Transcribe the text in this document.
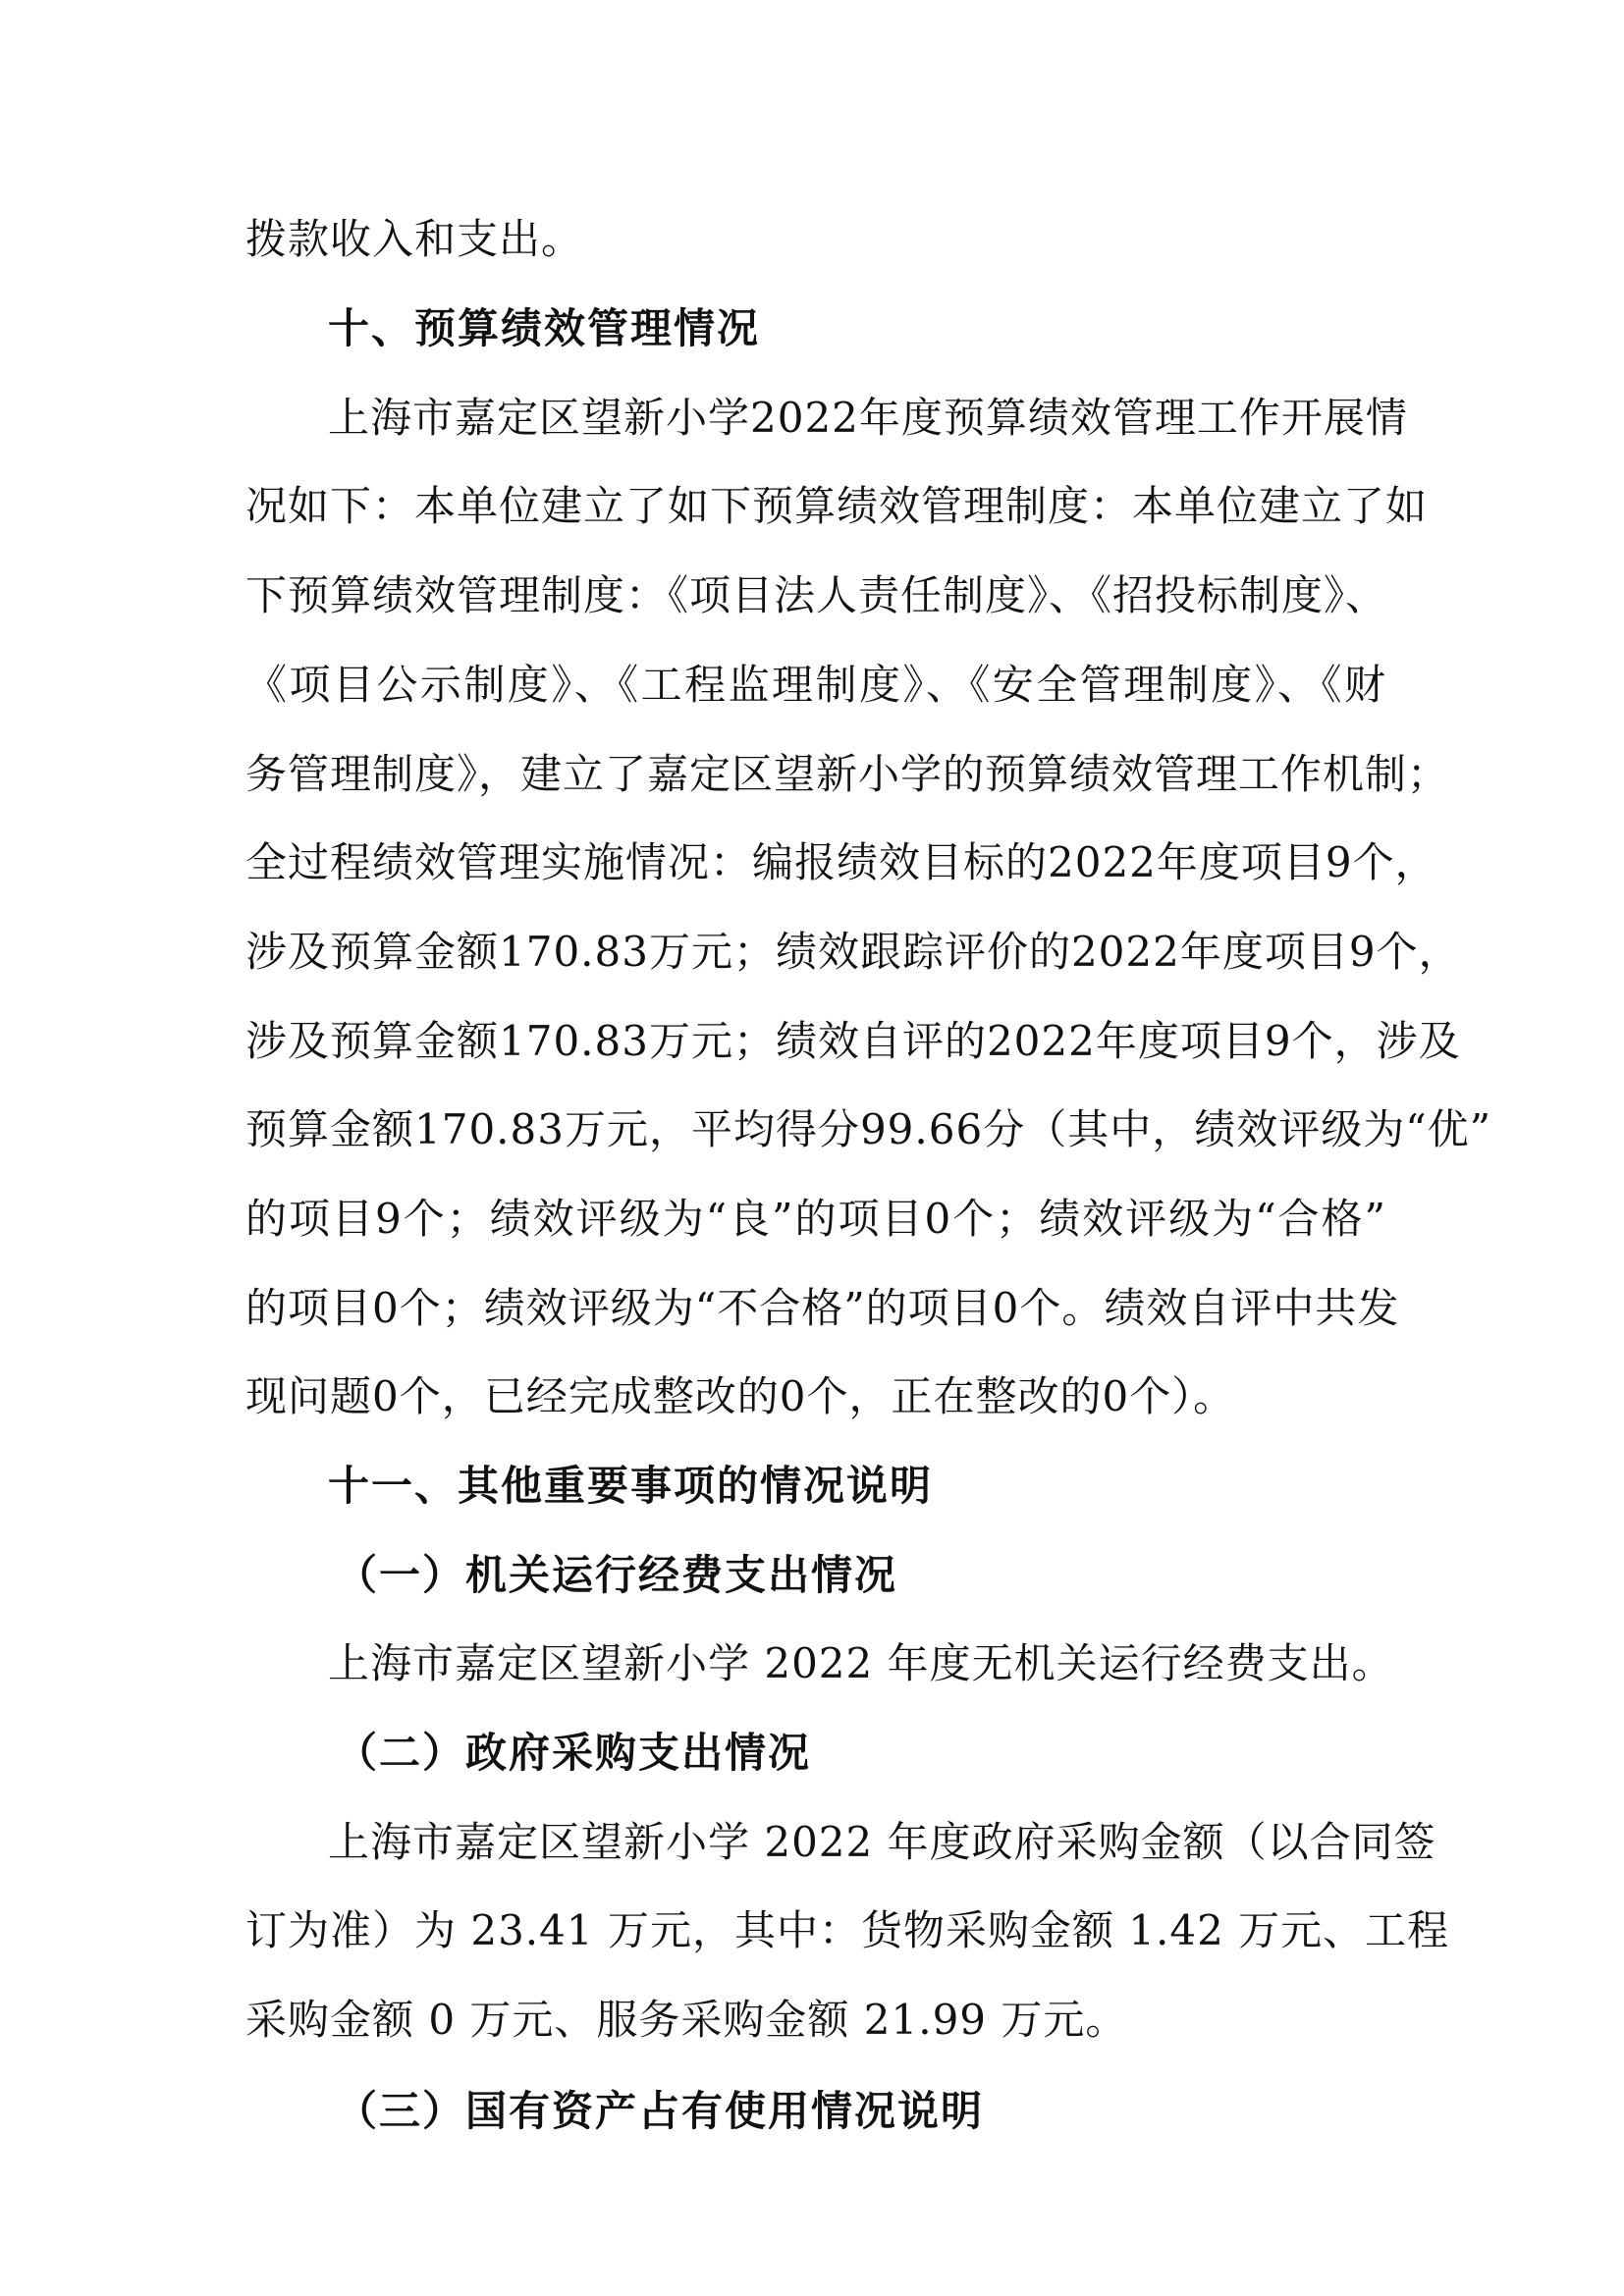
拨款收入和支出。
十、预算绩效管理情况
上海市嘉定区望新小学2022年度预算绩效管理工作开展情
况如下：本单位建立了如下预算绩效管理制度：本单位建立了如
下预算绩效管理制度：《项目法人责任制度》、《招投标制度》、
《项目公示制度》、《工程监理制度》、《安全管理制度》、《财
务管理制度》，建立了嘉定区望新小学的预算绩效管理工作机制；
全过程绩效管理实施情况：编报绩效目标的2022年度项目9个，
涉及预算金额170.83万元；绩效跟踪评价的2022年度项目9个，
涉及预算金额170.83万元；绩效自评的2022年度项目9个，涉及
预算金额170.83万元，平均得分99.66分（其中，绩效评级为“优”
的项目9个；绩效评级为“良”的项目0个；绩效评级为“合格”
的项目0个；绩效评级为“不合格”的项目0个。绩效自评中共发
现问题0个，已经完成整改的0个，正在整改的0个）。
十一、其他重要事项的情况说明
（一）机关运行经费支出情况
上海市嘉定区望新小学 2022 年度无机关运行经费支出。
（二）政府采购支出情况
上海市嘉定区望新小学 2022 年度政府采购金额（以合同签
订为准）为 23.41 万元，其中：货物采购金额 1.42 万元、工程
采购金额 0 万元、服务采购金额 21.99 万元。
（三）国有资产占有使用情况说明
